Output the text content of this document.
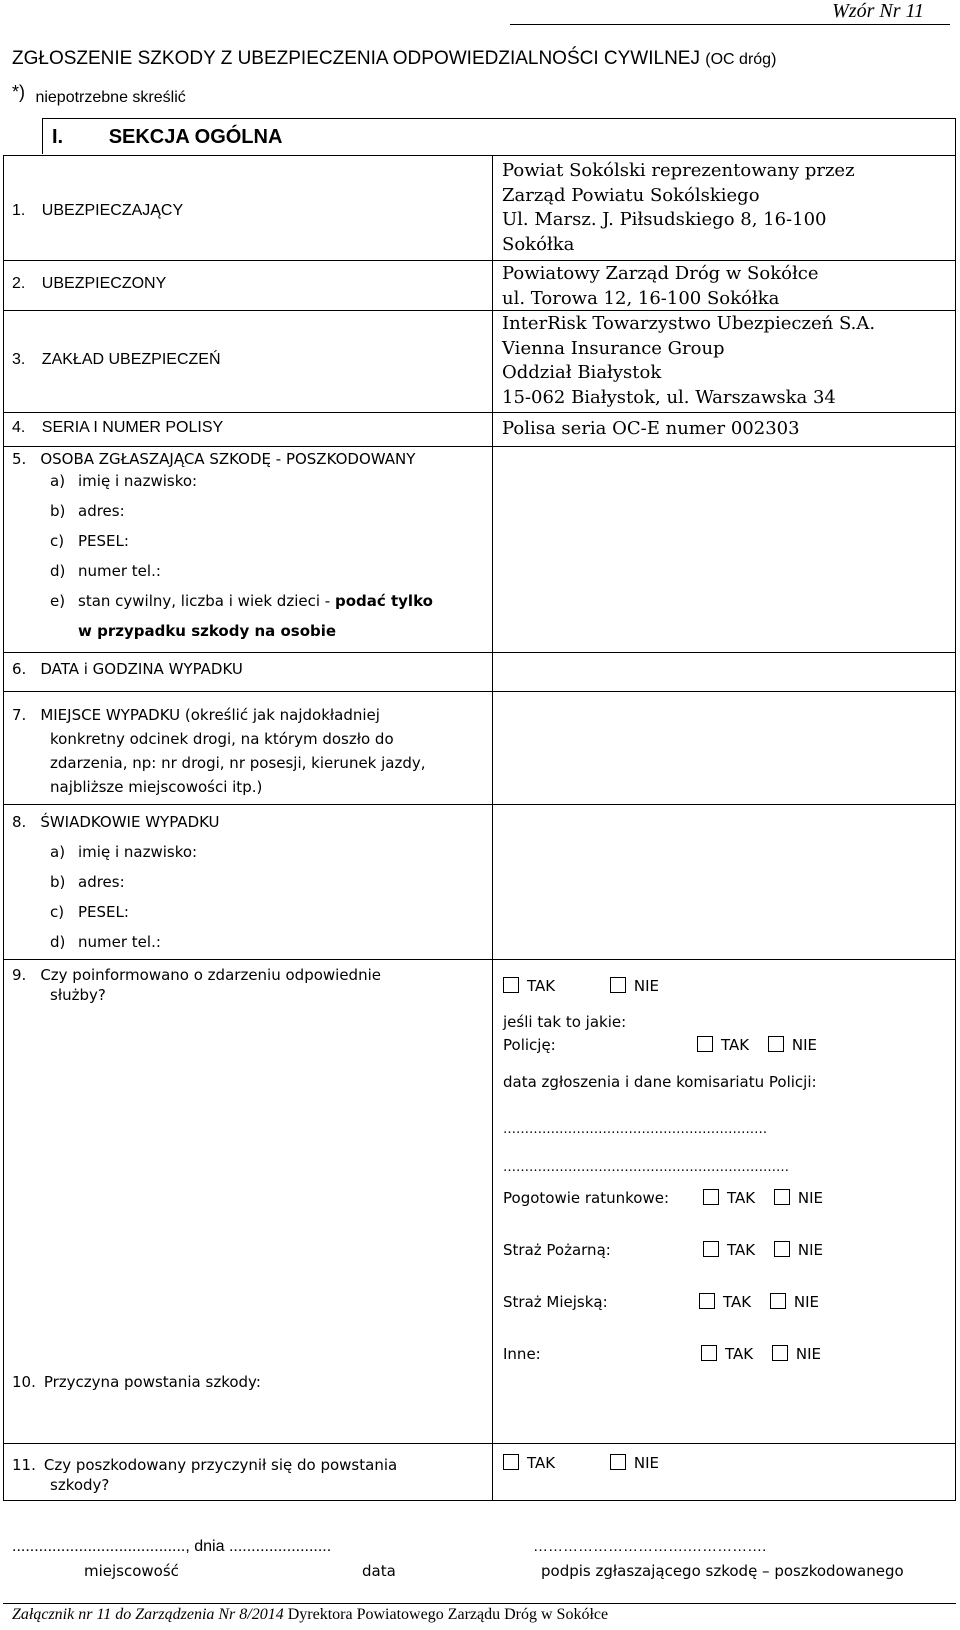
Wzór Nr 11
ZGŁOSZENIE SZKODY Z UBEZPIECZENIA ODPOWIEDZIALNOŚCI CYWILNEJ (OC dróg)
*) niepotrzebne skreślić
I. SEKCJA OGÓLNA
1. UBEZPIECZAJĄCY
Powiat Sokólski reprezentowany przez
Zarząd Powiatu Sokólskiego
Ul. Marsz. J. Piłsudskiego 8, 16-100
Sokółka
2. UBEZPIECZONY	Powiatowy Zarząd Dróg w Sokółce
ul. Torowa 12, 16-100 Sokółka
3. ZAKŁAD UBEZPIECZEŃ
InterRisk Towarzystwo Ubezpieczeń S.A.
Vienna Insurance Group
Oddział Białystok
15-062 Białystok, ul. Warszawska 34
4. SERIA I NUMER POLISY	Polisa seria OC-E numer 002303
5. OSOBA ZGŁASZAJĄCA SZKODĘ - POSZKODOWANY
a) imię i nazwisko:
b) adres:
c) PESEL:
d) numer tel.:
e) stan cywilny, liczba i wiek dzieci - podać tylko
w przypadku szkody na osobie
6. DATA i GODZINA WYPADKU
7. MIEJSCE WYPADKU (określić jak najdokładniej
konkretny odcinek drogi, na którym doszło do
zdarzenia, np: nr drogi, nr posesji, kierunek jazdy,
najbliższe miejscowości itp.)
8. ŚWIADKOWIE WYPADKU
a) imię i nazwisko:
b) adres:
c) PESEL:
d) numer tel.:
9. Czy poinformowano o zdarzeniu odpowiednie
służby?	TAK	NIE
jeśli tak to jakie:
Policję:	TAK	NIE
data zgłoszenia i dane komisariatu Policji:
………….…………………………………………
…………………………………………………………
Pogotowie ratunkowe:	TAK	NIE
Straż Pożarną:	TAK	NIE
Straż Miejską:	TAK	NIE
Inne:	TAK	NIE
10. Przyczyna powstania szkody:
11. Czy poszkodowany przyczynił się do powstania
szkody?
TAK	NIE
......................................., dnia .......................	………………………….…………….
miejscowość	data	podpis zgłaszającego szkodę – poszkodowanego
Załącznik nr 11 do Zarządzenia Nr 8/2014 Dyrektora Powiatowego Zarządu Dróg w Sokółce
